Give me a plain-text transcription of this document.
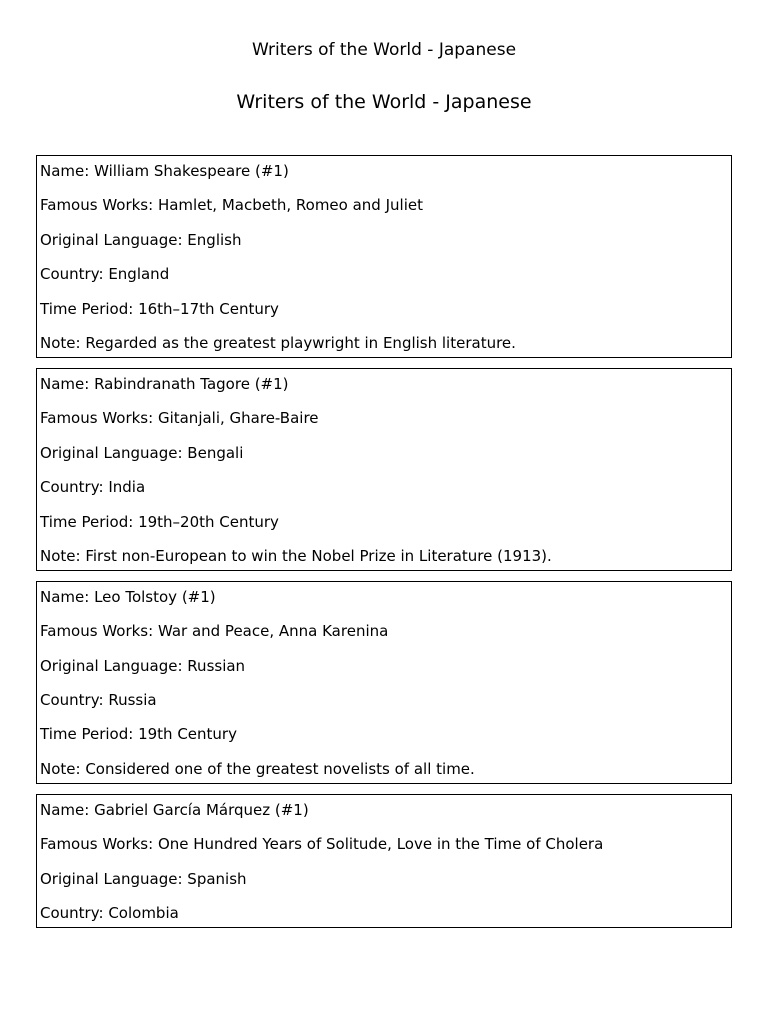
Writers of the World - Japanese
Writers of the World - Japanese
Name: William Shakespeare (#1)
Famous Works: Hamlet, Macbeth, Romeo and Juliet
Original Language: English
Country: England
Time Period: 16th–17th Century
Note: Regarded as the greatest playwright in English literature.
Name: Rabindranath Tagore (#1)
Famous Works: Gitanjali, Ghare-Baire
Original Language: Bengali
Country: India
Time Period: 19th–20th Century
Note: First non-European to win the Nobel Prize in Literature (1913).
Name: Leo Tolstoy (#1)
Famous Works: War and Peace, Anna Karenina
Original Language: Russian
Country: Russia
Time Period: 19th Century
Note: Considered one of the greatest novelists of all time.
Name: Gabriel García Márquez (#1)
Famous Works: One Hundred Years of Solitude, Love in the Time of Cholera
Original Language: Spanish
Country: Colombia
